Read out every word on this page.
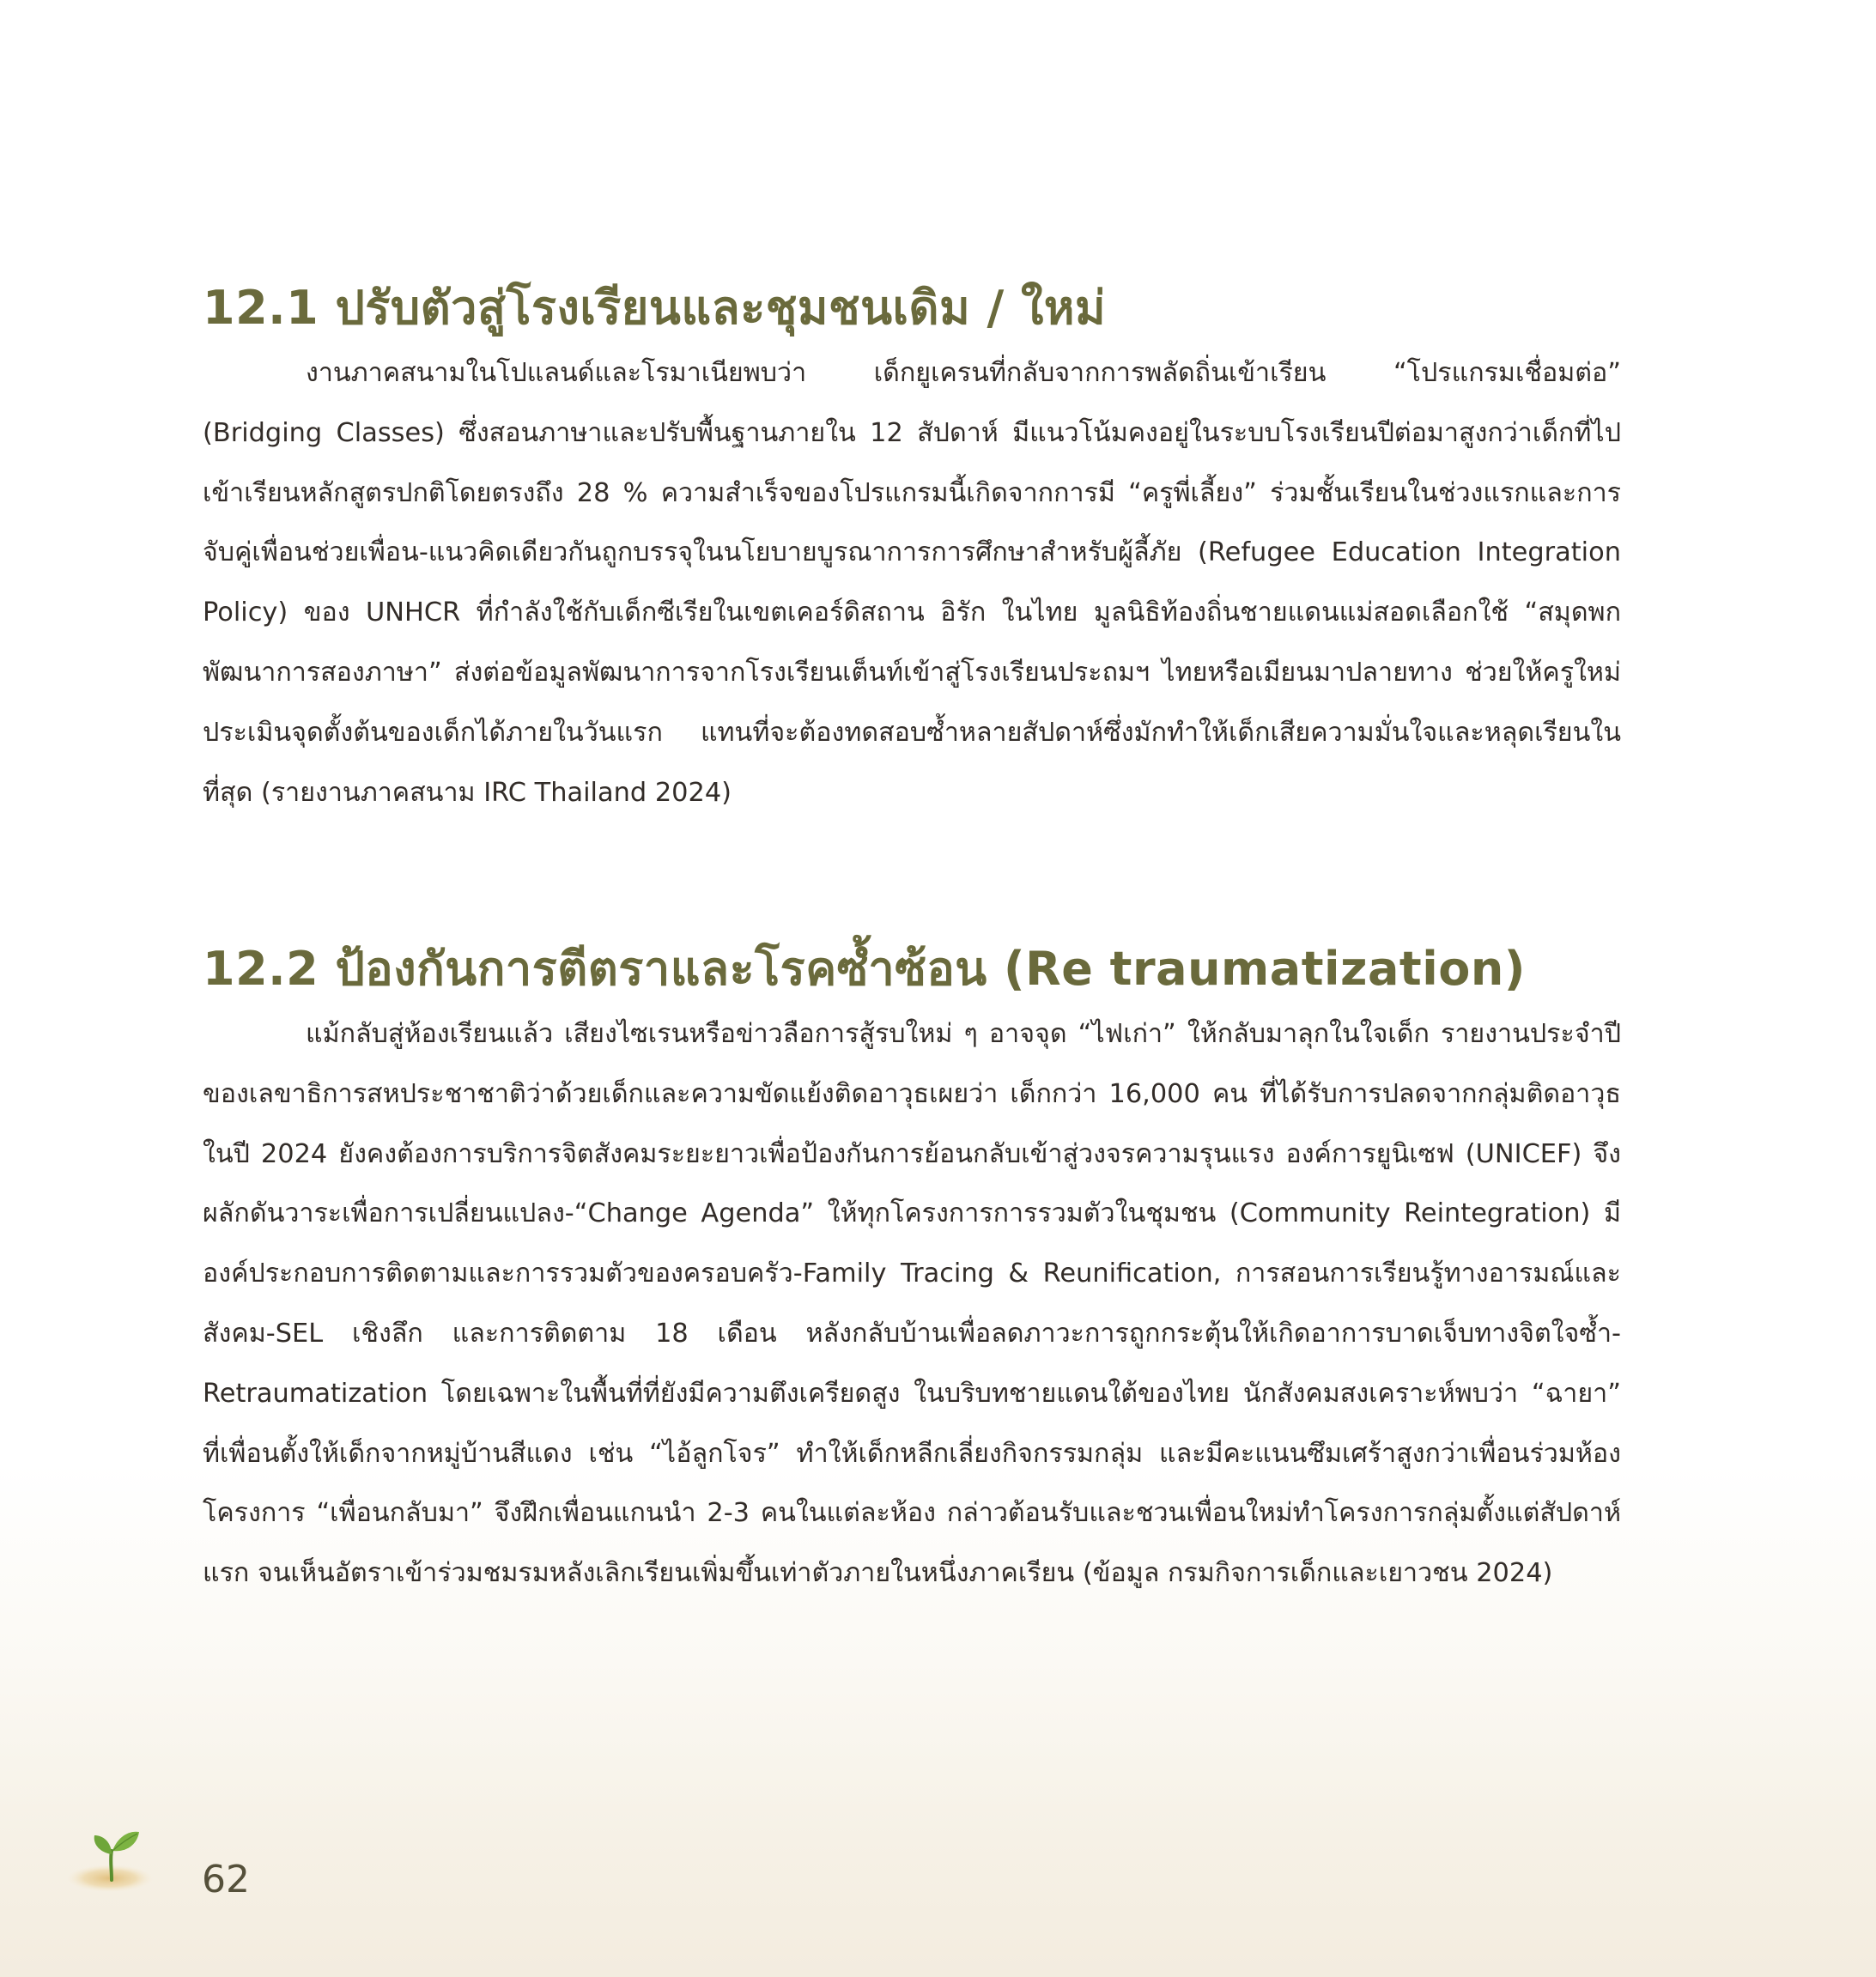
12.1 ปรับตัวสู่โรงเรียนและชุมชนเดิม / ใหม่

งานภาคสนามในโปแลนด์และโรมาเนียพบว่า เด็กยูเครนที่กลับจากการพลัดถิ่นเข้าเรียน “โปรแกรมเชื่อมต่อ” (Bridging Classes) ซึ่งสอนภาษาและปรับพื้นฐานภายใน 12 สัปดาห์ มีแนวโน้มคงอยู่ในระบบโรงเรียนปีต่อมาสูงกว่าเด็กที่ไปเข้าเรียนหลักสูตรปกติโดยตรงถึง 28 % ความสำเร็จของโปรแกรมนี้เกิดจากการมี “ครูพี่เลี้ยง” ร่วมชั้นเรียนในช่วงแรกและการจับคู่เพื่อนช่วยเพื่อน-แนวคิดเดียวกันถูกบรรจุในนโยบายบูรณาการการศึกษาสำหรับผู้ลี้ภัย (Refugee Education Integration Policy) ของ UNHCR ที่กำลังใช้กับเด็กซีเรียในเขตเคอร์ดิสถาน อิรัก ในไทย มูลนิธิท้องถิ่นชายแดนแม่สอดเลือกใช้ “สมุดพกพัฒนาการสองภาษา” ส่งต่อข้อมูลพัฒนาการจากโรงเรียนเต็นท์เข้าสู่โรงเรียนประถมฯ ไทยหรือเมียนมาปลายทาง ช่วยให้ครูใหม่ประเมินจุดตั้งต้นของเด็กได้ภายในวันแรก แทนที่จะต้องทดสอบซ้ำหลายสัปดาห์ซึ่งมักทำให้เด็กเสียความมั่นใจและหลุดเรียนในที่สุด (รายงานภาคสนาม IRC Thailand 2024)

12.2 ป้องกันการตีตราและโรคซ้ำซ้อน (Re traumatization)

แม้กลับสู่ห้องเรียนแล้ว เสียงไซเรนหรือข่าวลือการสู้รบใหม่ ๆ อาจจุด “ไฟเก่า” ให้กลับมาลุกในใจเด็ก รายงานประจำปีของเลขาธิการสหประชาชาติว่าด้วยเด็กและความขัดแย้งติดอาวุธเผยว่า เด็กกว่า 16,000 คน ที่ได้รับการปลดจากกลุ่มติดอาวุธในปี 2024 ยังคงต้องการบริการจิตสังคมระยะยาวเพื่อป้องกันการย้อนกลับเข้าสู่วงจรความรุนแรง องค์การยูนิเซฟ (UNICEF) จึงผลักดันวาระเพื่อการเปลี่ยนแปลง-“Change Agenda” ให้ทุกโครงการการรวมตัวในชุมชน (Community Reintegration) มีองค์ประกอบการติดตามและการรวมตัวของครอบครัว-Family Tracing & Reunification, การสอนการเรียนรู้ทางอารมณ์และสังคม-SEL เชิงลึก และการติดตาม 18 เดือน หลังกลับบ้านเพื่อลดภาวะการถูกกระตุ้นให้เกิดอาการบาดเจ็บทางจิตใจซ้ำ-Retraumatization โดยเฉพาะในพื้นที่ที่ยังมีความตึงเครียดสูง ในบริบทชายแดนใต้ของไทย นักสังคมสงเคราะห์พบว่า “ฉายา” ที่เพื่อนตั้งให้เด็กจากหมู่บ้านสีแดง เช่น “ไอ้ลูกโจร” ทำให้เด็กหลีกเลี่ยงกิจกรรมกลุ่ม และมีคะแนนซึมเศร้าสูงกว่าเพื่อนร่วมห้อง โครงการ “เพื่อนกลับมา” จึงฝึกเพื่อนแกนนำ 2-3 คนในแต่ละห้อง กล่าวต้อนรับและชวนเพื่อนใหม่ทำโครงการกลุ่มตั้งแต่สัปดาห์แรก จนเห็นอัตราเข้าร่วมชมรมหลังเลิกเรียนเพิ่มขึ้นเท่าตัวภายในหนึ่งภาคเรียน (ข้อมูล กรมกิจการเด็กและเยาวชน 2024)

62
